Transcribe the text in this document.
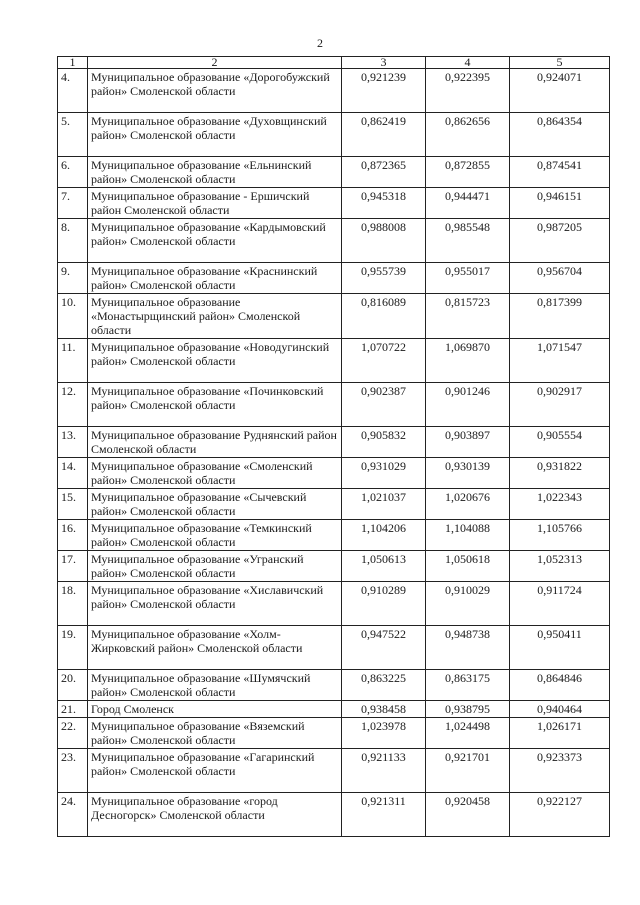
2
1	2	3	4	5
4.	Муниципальное образование «Дорогобужский район» Смоленской области	0,921239	0,922395	0,924071
5.	Муниципальное образование «Духовщинский район» Смоленской области	0,862419	0,862656	0,864354
6.	Муниципальное образование «Ельнинский район» Смоленской области	0,872365	0,872855	0,874541
7.	Муниципальное образование - Ершичский район Смоленской области	0,945318	0,944471	0,946151
8.	Муниципальное образование «Кардымовский район» Смоленской области	0,988008	0,985548	0,987205
9.	Муниципальное образование «Краснинский район» Смоленской области	0,955739	0,955017	0,956704
10.	Муниципальное образование «Монастырщинский район» Смоленской области	0,816089	0,815723	0,817399
11.	Муниципальное образование «Новодугинский район» Смоленской области	1,070722	1,069870	1,071547
12.	Муниципальное образование «Починковский район» Смоленской области	0,902387	0,901246	0,902917
13.	Муниципальное образование Руднянский район Смоленской области	0,905832	0,903897	0,905554
14.	Муниципальное образование «Смоленский район» Смоленской области	0,931029	0,930139	0,931822
15.	Муниципальное образование «Сычевский район» Смоленской области	1,021037	1,020676	1,022343
16.	Муниципальное образование «Темкинский район» Смоленской области	1,104206	1,104088	1,105766
17.	Муниципальное образование «Угранский район» Смоленской области	1,050613	1,050618	1,052313
18.	Муниципальное образование «Хиславичский район» Смоленской области	0,910289	0,910029	0,911724
19.	Муниципальное образование «Холм-Жирковский район» Смоленской области	0,947522	0,948738	0,950411
20.	Муниципальное образование «Шумячский район» Смоленской области	0,863225	0,863175	0,864846
21.	Город Смоленск	0,938458	0,938795	0,940464
22.	Муниципальное образование «Вяземский район» Смоленской области	1,023978	1,024498	1,026171
23.	Муниципальное образование «Гагаринский район» Смоленской области	0,921133	0,921701	0,923373
24.	Муниципальное образование «город Десногорск» Смоленской области	0,921311	0,920458	0,922127
